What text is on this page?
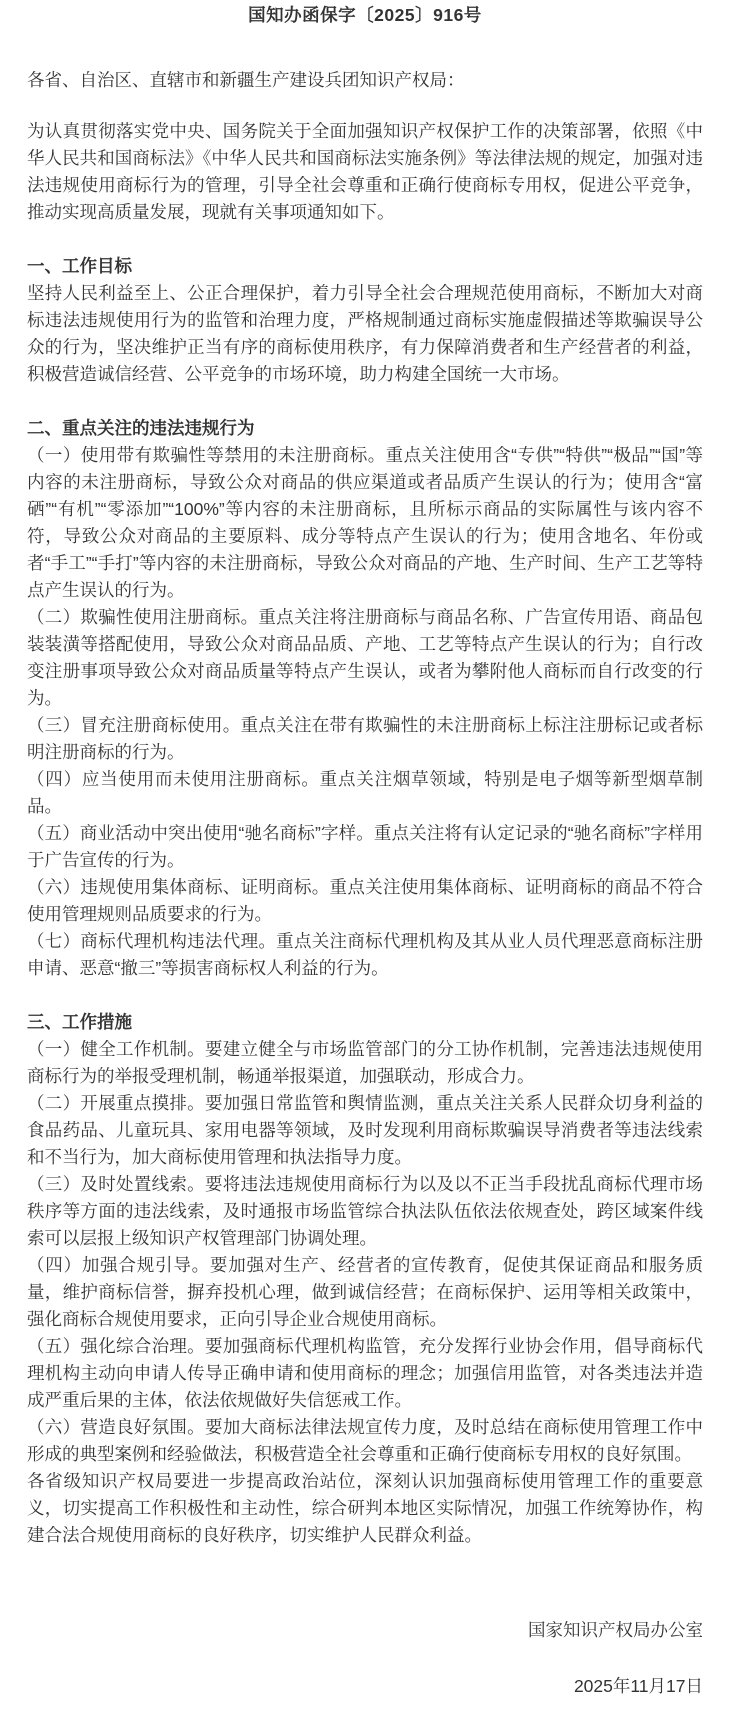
国知办函保字〔2025〕916号
各省、自治区、直辖市和新疆生产建设兵团知识产权局：

为认真贯彻落实党中央、国务院关于全面加强知识产权保护工作的决策部署，依照《中华人民共和国商标法》《中华人民共和国商标法实施条例》等法律法规的规定，加强对违法违规使用商标行为的管理，引导全社会尊重和正确行使商标专用权，促进公平竞争，推动实现高质量发展，现就有关事项通知如下。

一、工作目标

坚持人民利益至上、公正合理保护，着力引导全社会合理规范使用商标，不断加大对商标违法违规使用行为的监管和治理力度，严格规制通过商标实施虚假描述等欺骗误导公众的行为，坚决维护正当有序的商标使用秩序，有力保障消费者和生产经营者的利益，积极营造诚信经营、公平竞争的市场环境，助力构建全国统一大市场。

二、重点关注的违法违规行为

（一）使用带有欺骗性等禁用的未注册商标。重点关注使用含“专供”“特供”“极品”“国”等内容的未注册商标，导致公众对商品的供应渠道或者品质产生误认的行为；使用含“富硒”“有机”“零添加”“100%”等内容的未注册商标，且所标示商品的实际属性与该内容不符，导致公众对商品的主要原料、成分等特点产生误认的行为；使用含地名、年份或者“手工”“手打”等内容的未注册商标，导致公众对商品的产地、生产时间、生产工艺等特点产生误认的行为。

（二）欺骗性使用注册商标。重点关注将注册商标与商品名称、广告宣传用语、商品包装装潢等搭配使用，导致公众对商品品质、产地、工艺等特点产生误认的行为；自行改变注册事项导致公众对商品质量等特点产生误认，或者为攀附他人商标而自行改变的行为。

（三）冒充注册商标使用。重点关注在带有欺骗性的未注册商标上标注注册标记或者标明注册商标的行为。

（四）应当使用而未使用注册商标。重点关注烟草领域，特别是电子烟等新型烟草制品。

（五）商业活动中突出使用“驰名商标”字样。重点关注将有认定记录的“驰名商标”字样用于广告宣传的行为。

（六）违规使用集体商标、证明商标。重点关注使用集体商标、证明商标的商品不符合使用管理规则品质要求的行为。

（七）商标代理机构违法代理。重点关注商标代理机构及其从业人员代理恶意商标注册申请、恶意“撤三”等损害商标权人利益的行为。

三、工作措施

（一）健全工作机制。要建立健全与市场监管部门的分工协作机制，完善违法违规使用商标行为的举报受理机制，畅通举报渠道，加强联动，形成合力。

（二）开展重点摸排。要加强日常监管和舆情监测，重点关注关系人民群众切身利益的食品药品、儿童玩具、家用电器等领域，及时发现利用商标欺骗误导消费者等违法线索和不当行为，加大商标使用管理和执法指导力度。

（三）及时处置线索。要将违法违规使用商标行为以及以不正当手段扰乱商标代理市场秩序等方面的违法线索，及时通报市场监管综合执法队伍依法依规查处，跨区域案件线索可以层报上级知识产权管理部门协调处理。

（四）加强合规引导。要加强对生产、经营者的宣传教育，促使其保证商品和服务质量，维护商标信誉，摒弃投机心理，做到诚信经营；在商标保护、运用等相关政策中，强化商标合规使用要求，正向引导企业合规使用商标。

（五）强化综合治理。要加强商标代理机构监管，充分发挥行业协会作用，倡导商标代理机构主动向申请人传导正确申请和使用商标的理念；加强信用监管，对各类违法并造成严重后果的主体，依法依规做好失信惩戒工作。

（六）营造良好氛围。要加大商标法律法规宣传力度，及时总结在商标使用管理工作中形成的典型案例和经验做法，积极营造全社会尊重和正确行使商标专用权的良好氛围。

各省级知识产权局要进一步提高政治站位，深刻认识加强商标使用管理工作的重要意义，切实提高工作积极性和主动性，综合研判本地区实际情况，加强工作统筹协作，构建合法合规使用商标的良好秩序，切实维护人民群众利益。

国家知识产权局办公室
2025年11月17日
